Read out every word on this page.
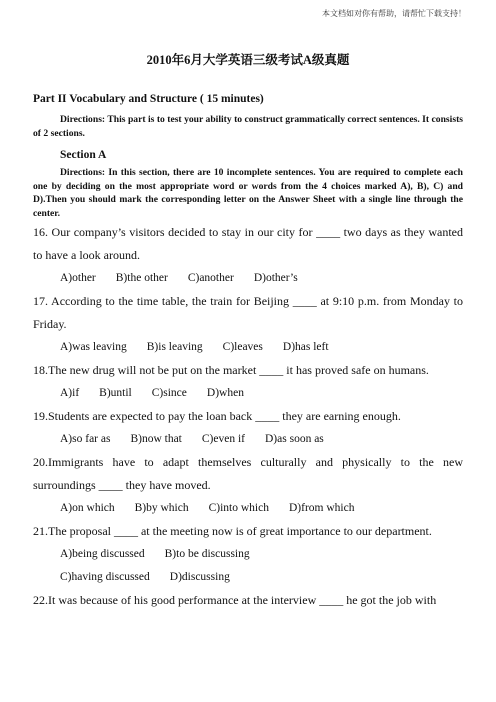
本文档如对你有帮助，请帮忙下载支持！
2010年6月大学英语三级考试A级真题
Part II Vocabulary and Structure ( 15 minutes)

Directions: This part is to test your ability to construct grammatically correct sentences. It consists of 2 sections.

Section A

Directions: In this section, there are 10 incomplete sentences. You are required to complete each one by deciding on the most appropriate word or words from the 4 choices marked A), B), C) and D).Then you should mark the corresponding letter on the Answer Sheet with a single line through the center.

16. Our company’s visitors decided to stay in our city for ____ two days as they wanted to have a look around.

A)other B)the other C)another D)other’s

17. According to the time table, the train for Beijing ____ at 9:10 p.m. from Monday to Friday.

A)was leaving B)is leaving C)leaves D)has left

18.The new drug will not be put on the market ____ it has proved safe on humans.

A)if B)until C)since D)when

19.Students are expected to pay the loan back ____ they are earning enough.

A)so far as B)now that C)even if D)as soon as

20.Immigrants have to adapt themselves culturally and physically to the new surroundings ____ they have moved.

A)on which B)by which C)into which D)from which

21.The proposal ____ at the meeting now is of great importance to our department.

A)being discussed B)to be discussing
C)having discussed D)discussing

22.It was because of his good performance at the interview ____ he got the job with
